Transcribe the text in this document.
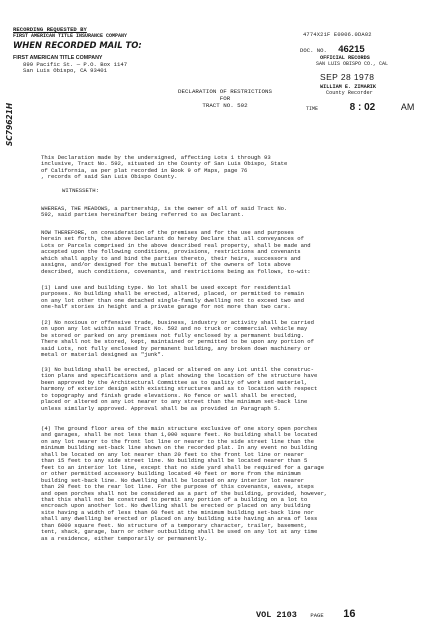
RECORDING REQUESTED BY
FIRST AMERICAN TITLE INSURANCE COMPANY
WHEN RECORDED MAIL TO:
FIRST AMERICAN TITLE COMPANY
899 Pacific St. — P.O. Box 1147
San Luis Obispo, CA 93401
SC79621H
4774X21F E0006.0DA02
DOC. NO. 46215
OFFICIAL RECORDS
SAN LUIS OBISPO CO., CAL
SEP 28 1978
WILLIAM E. ZIMARIK
County Recorder
TIME	8 : 02	AM
DECLARATION OF RESTRICTIONS
FOR
TRACT NO. 592
This Declaration made by the undersigned, affecting Lots 1 through 93
inclusive, Tract No. 592, situated in the County of San Luis Obispo, State
of California, as per plat recorded in Book 9 of Maps, page 76
, records of said San Luis Obispo County.
WITNESSETH:
WHEREAS, THE MEADOWS, a partnership, is the owner of all of said Tract No.
592, said parties hereinafter being referred to as Declarant.
NOW THEREFORE, on consideration of the premises and for the use and purposes
herein set forth, the above Declarant do hereby Declare that all conveyances of
Lots or Parcels comprised in the above described real property, shall be made and
accepted upon the following conditions, provisions, restrictions and covenants
which shall apply to and bind the parties thereto, their heirs, successors and
assigns, and/or designed for the mutual benefit of the owners of lots above
described, such conditions, covenants, and restrictions being as follows, to-wit:
(1) Land use and building type. No lot shall be used except for residential
purposes. No building shall be erected, altered, placed, or permitted to remain
on any lot other than one detached single-family dwelling not to exceed two and
one-half stories in height and a private garage for not more than two cars.
(2) No noxious or offensive trade, business, industry or activity shall be carried
on upon any lot within said Tract No. 592 and no truck or commercial vehicle may
be stored or parked on any premises not fully enclosed by a permanent building.
There shall not be stored, kept, maintained or permitted to be upon any portion of
said Lots, not fully enclosed by permanent building, any broken down machinery or
metal or material designed as "junk".
(3) No building shall be erected, placed or altered on any Lot until the construc-
tion plans and specifications and a plat showing the location of the structure have
been approved by the Architectural Committee as to quality of work and materiel,
harmony of exterior design with existing structures and as to location with respect
to topography and finish grade elevations. No fence or wall shall be erected,
placed or altered on any Lot nearer to any street than the minimum set-back line
unless similarly approved. Approval shall be as provided in Paragraph 5.
(4) The ground floor area of the main structure exclusive of one story open porches
and garages, shall be not less than 1,000 square feet. No building shall be located
on any lot nearer to the front lot line or nearer to the side street line than the
minimum building set-back line shown on the recorded plat. In any event no building
shall be located on any lot nearer than 20 feet to the front lot line or nearer
than 15 feet to any side street line. No building shall be located nearer than 5
feet to an interior lot line, except that no side yard shall be required for a garage
or other permitted accessory building located 40 feet or more from the minimum
building set-back line. No dwelling shall be located on any interior lot nearer
than 20 feet to the rear lot line. For the purpose of this covenants, eaves, steps
and open porches shall not be considered as a part of the building, provided, however,
that this shall not be construed to permit any portion of a building on a lot to
encroach upon another lot. No dwelling shall be erected or placed on any building
site having a width of less than 60 feet at the minimum building set-back line nor
shall any dwelling be erected or placed on any building site having an area of less
than 6000 square feet. No structure of a temporary character, trailer, basement,
tent, shack, garage, barn or other outbuilding shall be used on any lot at any time
as a residence, either temporarily or permanently.
VOL 2103 PAGE 16
